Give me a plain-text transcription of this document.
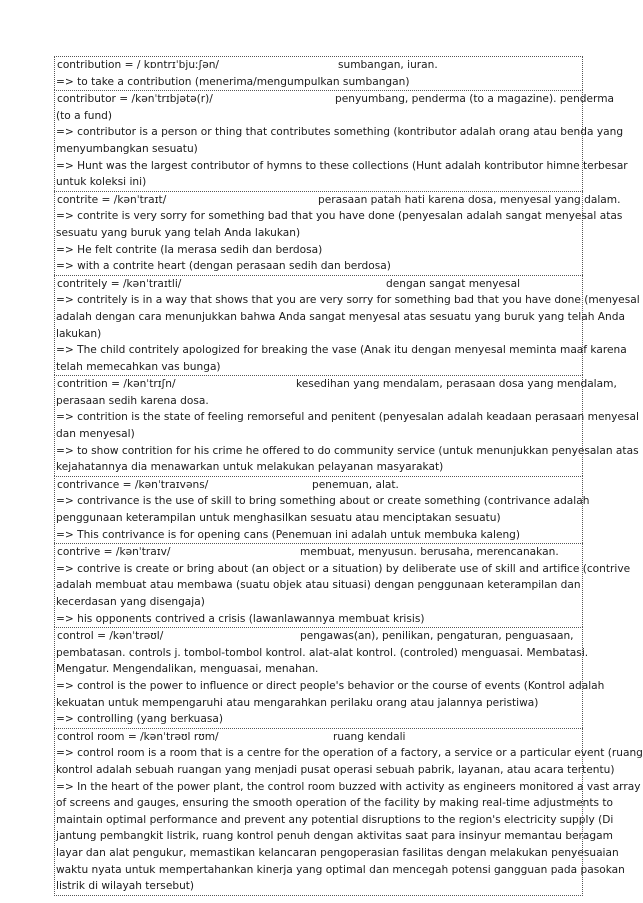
contribution = / kɒntrɪˈbjuːʃən/	sumbangan, iuran.
=> to take a contribution (menerima/mengumpulkan sumbangan)
contributor = /kənˈtrɪbjətə(r)/	penyumbang, penderma (to a magazine). penderma
(to a fund)
=> contributor is a person or thing that contributes something (kontributor adalah orang atau benda yang
menyumbangkan sesuatu)
=> Hunt was the largest contributor of hymns to these collections (Hunt adalah kontributor himne terbesar
untuk koleksi ini)
contrite = /kənˈtraɪt/	perasaan patah hati karena dosa, menyesal yang dalam.
=> contrite is very sorry for something bad that you have done (penyesalan adalah sangat menyesal atas
sesuatu yang buruk yang telah Anda lakukan)
=> He felt contrite (Ia merasa sedih dan berdosa)
=> with a contrite heart (dengan perasaan sedih dan berdosa)
contritely = /kənˈtraɪtli/	dengan sangat menyesal
=> contritely is in a way that shows that you are very sorry for something bad that you have done (menyesal
adalah dengan cara menunjukkan bahwa Anda sangat menyesal atas sesuatu yang buruk yang telah Anda
lakukan)
=> The child contritely apologized for breaking the vase (Anak itu dengan menyesal meminta maaf karena
telah memecahkan vas bunga)
contrition = /kənˈtrɪʃn/	kesedihan yang mendalam, perasaan dosa yang mendalam,
perasaan sedih karena dosa.
=> contrition is the state of feeling remorseful and penitent (penyesalan adalah keadaan perasaan menyesal
dan menyesal)
=> to show contrition for his crime he offered to do community service (untuk menunjukkan penyesalan atas
kejahatannya dia menawarkan untuk melakukan pelayanan masyarakat)
contrivance = /kənˈtraɪvəns/	penemuan, alat.
=> contrivance is the use of skill to bring something about or create something (contrivance adalah
penggunaan keterampilan untuk menghasilkan sesuatu atau menciptakan sesuatu)
=> This contrivance is for opening cans (Penemuan ini adalah untuk membuka kaleng)
contrive = /kənˈtraɪv/	membuat, menyusun. berusaha, merencanakan.
=> contrive is create or bring about (an object or a situation) by deliberate use of skill and artifice (contrive
adalah membuat atau membawa (suatu objek atau situasi) dengan penggunaan keterampilan dan
kecerdasan yang disengaja)
=> his opponents contrived a crisis (lawanlawannya membuat krisis)
control = /kənˈtrəʊl/	pengawas(an), penilikan, pengaturan, penguasaan,
pembatasan. controls j. tombol-tombol kontrol. alat-alat kontrol. (controled) menguasai. Membatasi.
Mengatur. Mengendalikan, menguasai, menahan.
=> control is the power to influence or direct people's behavior or the course of events (Kontrol adalah
kekuatan untuk mempengaruhi atau mengarahkan perilaku orang atau jalannya peristiwa)
=> controlling (yang berkuasa)
control room = /kənˈtrəʊl rʊm/	ruang kendali
=> control room is a room that is a centre for the operation of a factory, a service or a particular event (ruang
kontrol adalah sebuah ruangan yang menjadi pusat operasi sebuah pabrik, layanan, atau acara tertentu)
=> In the heart of the power plant, the control room buzzed with activity as engineers monitored a vast array
of screens and gauges, ensuring the smooth operation of the facility by making real-time adjustments to
maintain optimal performance and prevent any potential disruptions to the region's electricity supply (Di
jantung pembangkit listrik, ruang kontrol penuh dengan aktivitas saat para insinyur memantau beragam
layar dan alat pengukur, memastikan kelancaran pengoperasian fasilitas dengan melakukan penyesuaian
waktu nyata untuk mempertahankan kinerja yang optimal dan mencegah potensi gangguan pada pasokan
listrik di wilayah tersebut)
